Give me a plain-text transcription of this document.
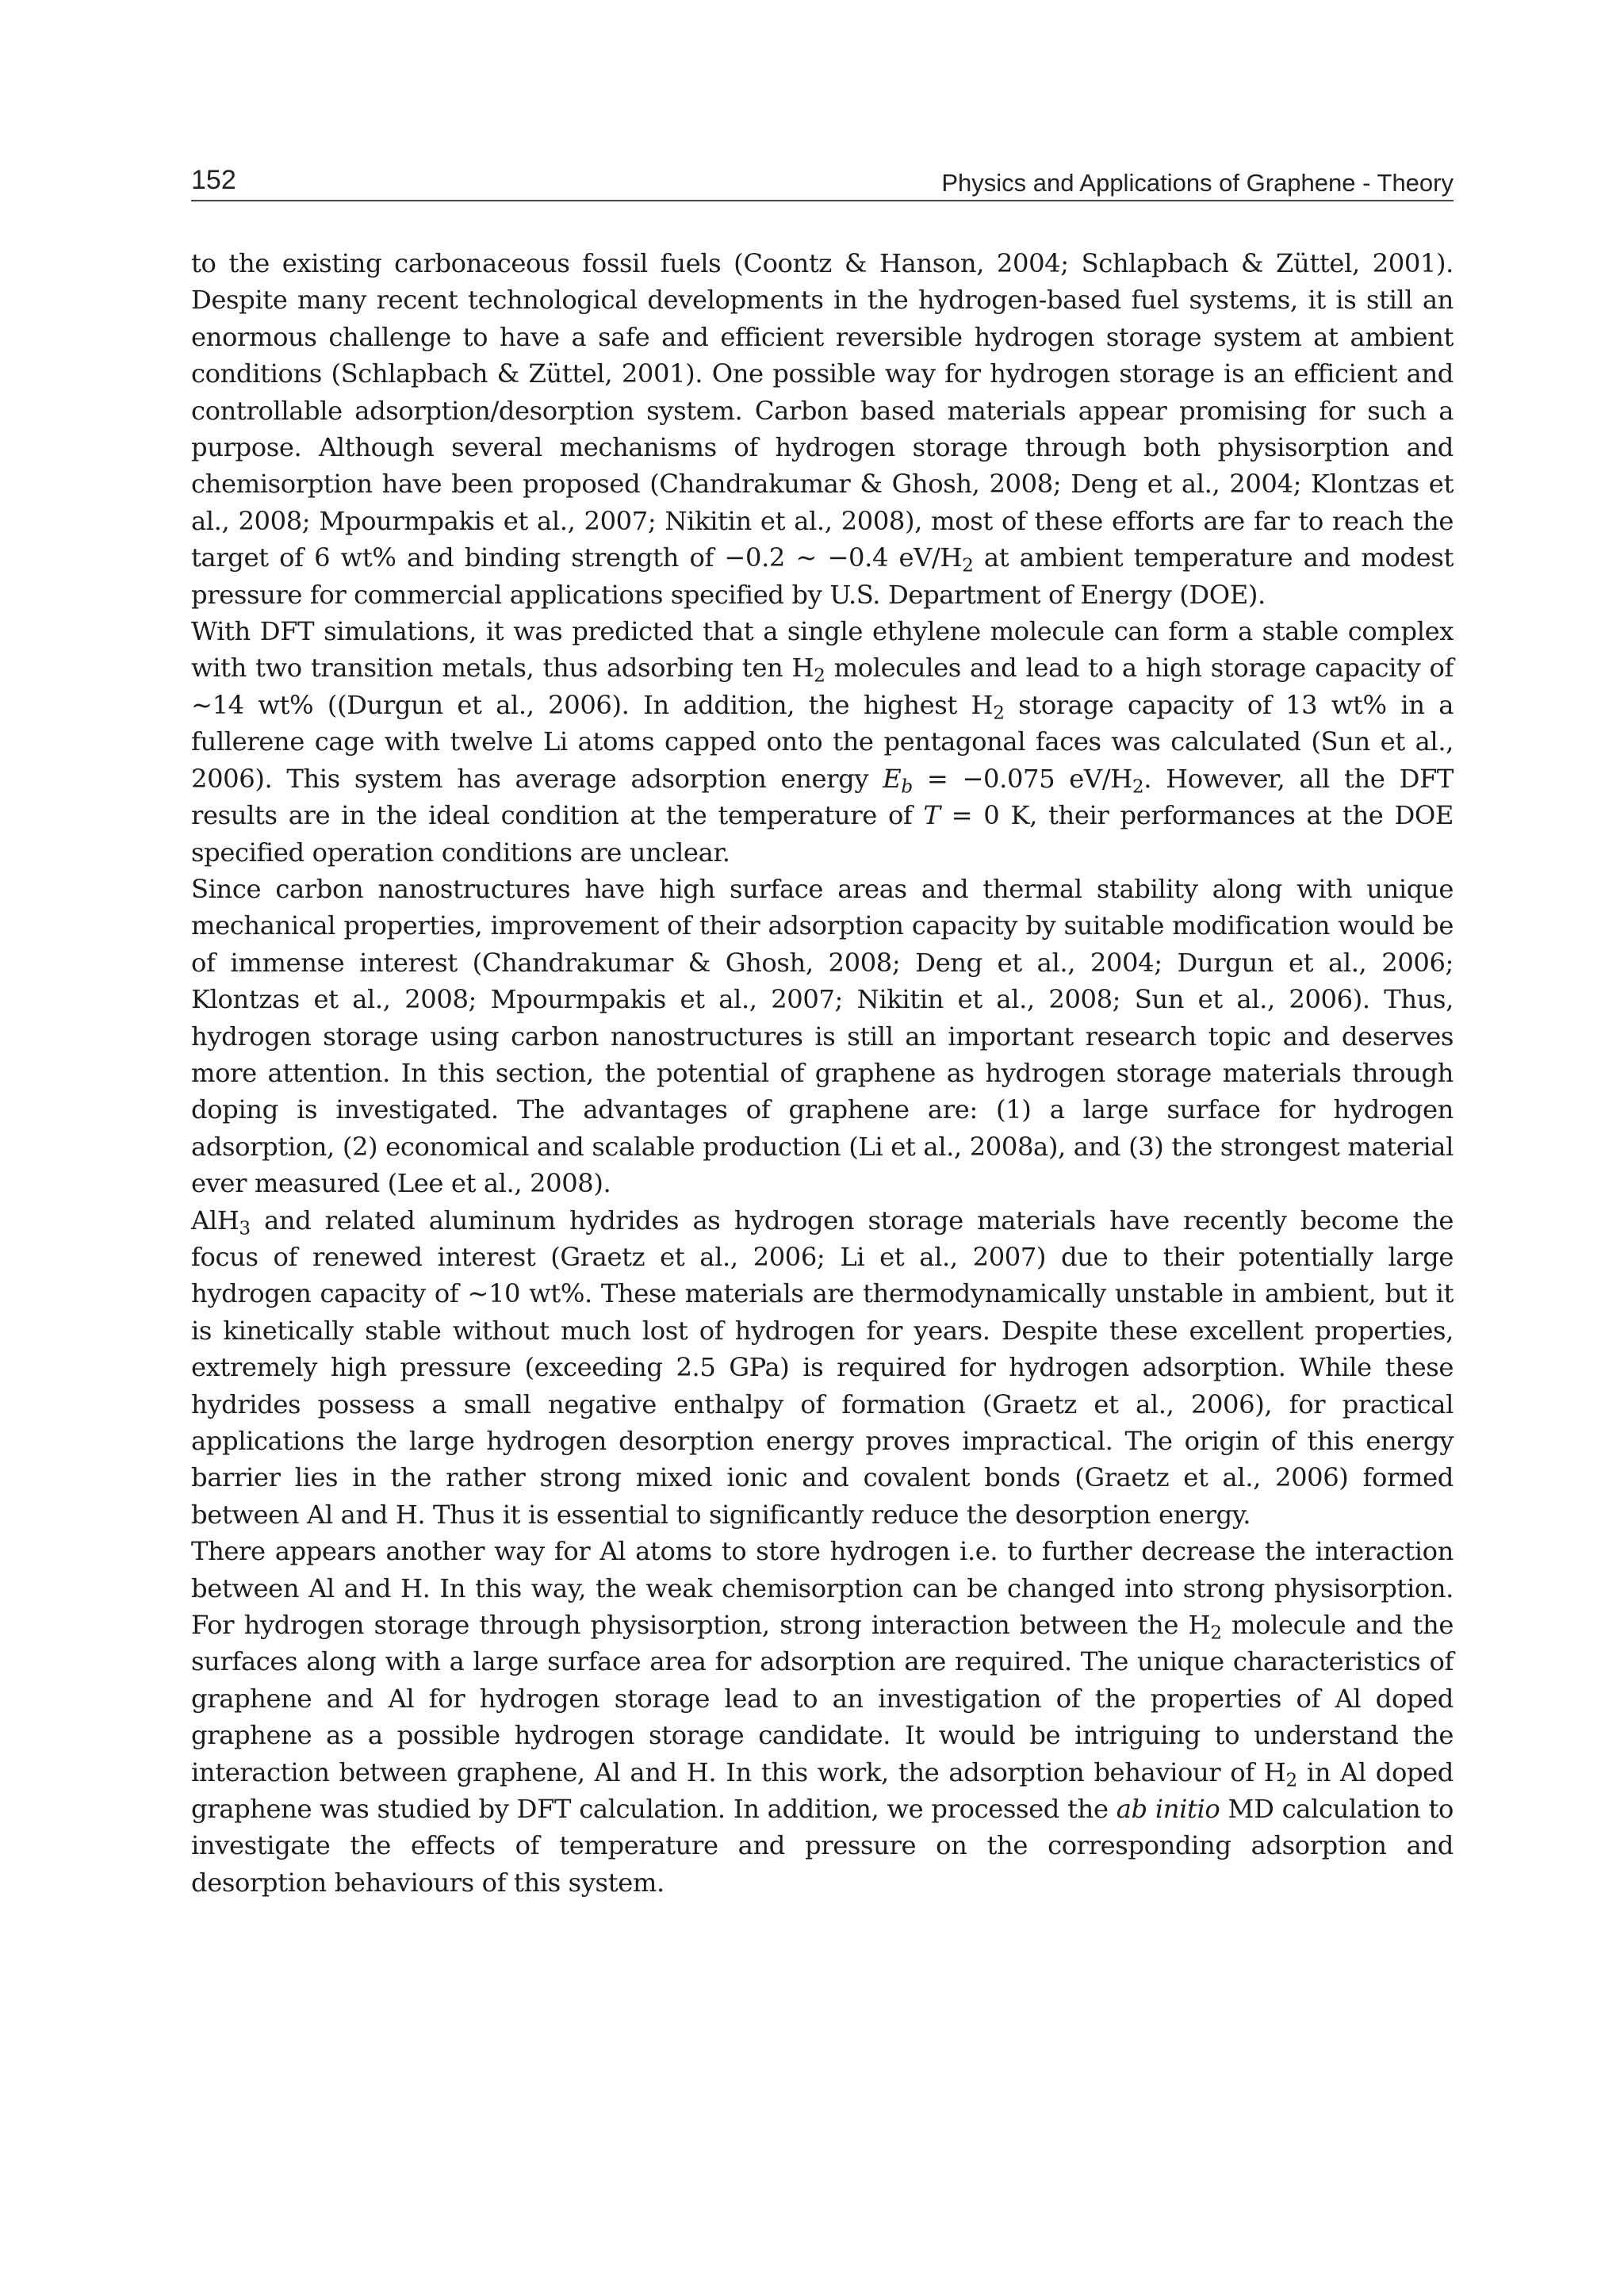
152	Physics and Applications of Graphene - Theory

to the existing carbonaceous fossil fuels (Coontz & Hanson, 2004; Schlapbach & Züttel, 2001). Despite many recent technological developments in the hydrogen-based fuel systems, it is still an enormous challenge to have a safe and efficient reversible hydrogen storage system at ambient conditions (Schlapbach & Züttel, 2001). One possible way for hydrogen storage is an efficient and controllable adsorption/desorption system. Carbon based materials appear promising for such a purpose. Although several mechanisms of hydrogen storage through both physisorption and chemisorption have been proposed (Chandrakumar & Ghosh, 2008; Deng et al., 2004; Klontzas et al., 2008; Mpourmpakis et al., 2007; Nikitin et al., 2008), most of these efforts are far to reach the target of 6 wt% and binding strength of −0.2 ∼ −0.4 $eV/H_2$ at ambient temperature and modest pressure for commercial applications specified by U.S. Department of Energy (DOE).

With DFT simulations, it was predicted that a single ethylene molecule can form a stable complex with two transition metals, thus adsorbing ten $H_2$ molecules and lead to a high storage capacity of ∼14 wt% ((Durgun et al., 2006). In addition, the highest $H_2$ storage capacity of 13 wt% in a fullerene cage with twelve Li atoms capped onto the pentagonal faces was calculated (Sun et al., 2006). This system has average adsorption energy $E_b = -0.075$ $eV/H_2$. However, all the DFT results are in the ideal condition at the temperature of T = 0 K, their performances at the DOE specified operation conditions are unclear.

Since carbon nanostructures have high surface areas and thermal stability along with unique mechanical properties, improvement of their adsorption capacity by suitable modification would be of immense interest (Chandrakumar & Ghosh, 2008; Deng et al., 2004; Durgun et al., 2006; Klontzas et al., 2008; Mpourmpakis et al., 2007; Nikitin et al., 2008; Sun et al., 2006). Thus, hydrogen storage using carbon nanostructures is still an important research topic and deserves more attention. In this section, the potential of graphene as hydrogen storage materials through doping is investigated. The advantages of graphene are: (1) a large surface for hydrogen adsorption, (2) economical and scalable production (Li et al., 2008a), and (3) the strongest material ever measured (Lee et al., 2008).

AlH$_3$ and related aluminum hydrides as hydrogen storage materials have recently become the focus of renewed interest (Graetz et al., 2006; Li et al., 2007) due to their potentially large hydrogen capacity of ∼10 wt%. These materials are thermodynamically unstable in ambient, but it is kinetically stable without much lost of hydrogen for years. Despite these excellent properties, extremely high pressure (exceeding 2.5 GPa) is required for hydrogen adsorption. While these hydrides possess a small negative enthalpy of formation (Graetz et al., 2006), for practical applications the large hydrogen desorption energy proves impractical. The origin of this energy barrier lies in the rather strong mixed ionic and covalent bonds (Graetz et al., 2006) formed between Al and H. Thus it is essential to significantly reduce the desorption energy.

There appears another way for Al atoms to store hydrogen i.e. to further decrease the interaction between Al and H. In this way, the weak chemisorption can be changed into strong physisorption. For hydrogen storage through physisorption, strong interaction between the $H_2$ molecule and the surfaces along with a large surface area for adsorption are required. The unique characteristics of graphene and Al for hydrogen storage lead to an investigation of the properties of Al doped graphene as a possible hydrogen storage candidate. It would be intriguing to understand the interaction between graphene, Al and H. In this work, the adsorption behaviour of $H_2$ in Al doped graphene was studied by DFT calculation. In addition, we processed the ab initio MD calculation to investigate the effects of temperature and pressure on the corresponding adsorption and desorption behaviours of this system.
